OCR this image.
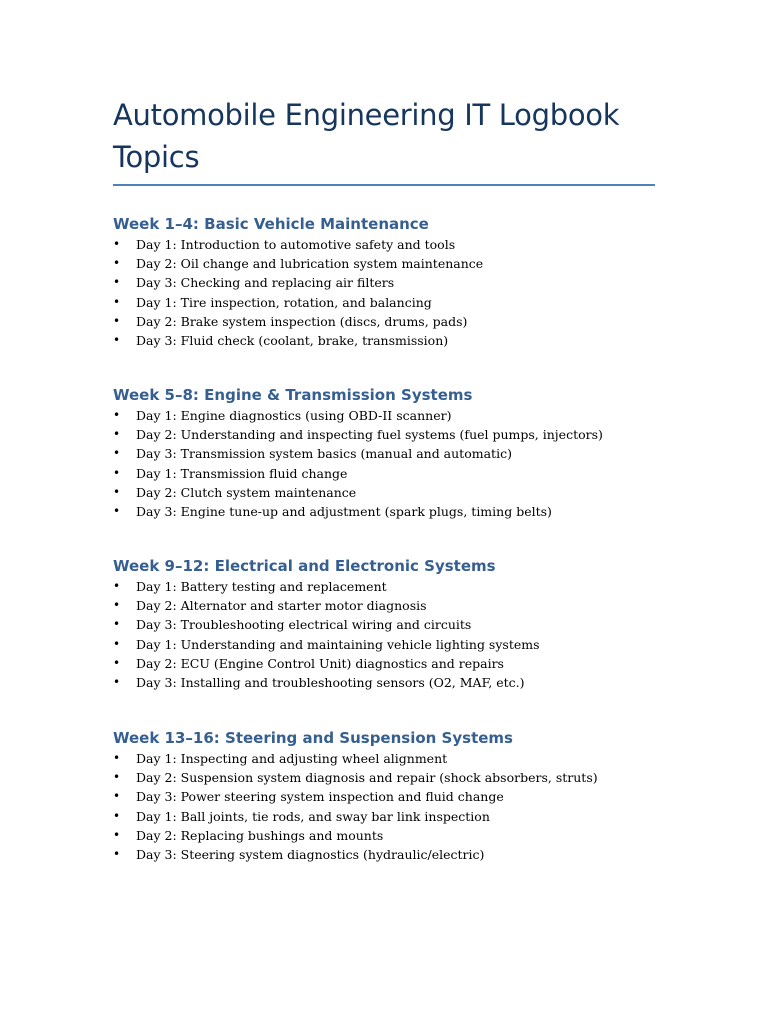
Automobile Engineering IT Logbook Topics
Week 1–4: Basic Vehicle Maintenance
• Day 1: Introduction to automotive safety and tools
• Day 2: Oil change and lubrication system maintenance
• Day 3: Checking and replacing air filters
• Day 1: Tire inspection, rotation, and balancing
• Day 2: Brake system inspection (discs, drums, pads)
• Day 3: Fluid check (coolant, brake, transmission)
Week 5–8: Engine & Transmission Systems
• Day 1: Engine diagnostics (using OBD-II scanner)
• Day 2: Understanding and inspecting fuel systems (fuel pumps, injectors)
• Day 3: Transmission system basics (manual and automatic)
• Day 1: Transmission fluid change
• Day 2: Clutch system maintenance
• Day 3: Engine tune-up and adjustment (spark plugs, timing belts)
Week 9–12: Electrical and Electronic Systems
• Day 1: Battery testing and replacement
• Day 2: Alternator and starter motor diagnosis
• Day 3: Troubleshooting electrical wiring and circuits
• Day 1: Understanding and maintaining vehicle lighting systems
• Day 2: ECU (Engine Control Unit) diagnostics and repairs
• Day 3: Installing and troubleshooting sensors (O2, MAF, etc.)
Week 13–16: Steering and Suspension Systems
• Day 1: Inspecting and adjusting wheel alignment
• Day 2: Suspension system diagnosis and repair (shock absorbers, struts)
• Day 3: Power steering system inspection and fluid change
• Day 1: Ball joints, tie rods, and sway bar link inspection
• Day 2: Replacing bushings and mounts
• Day 3: Steering system diagnostics (hydraulic/electric)
